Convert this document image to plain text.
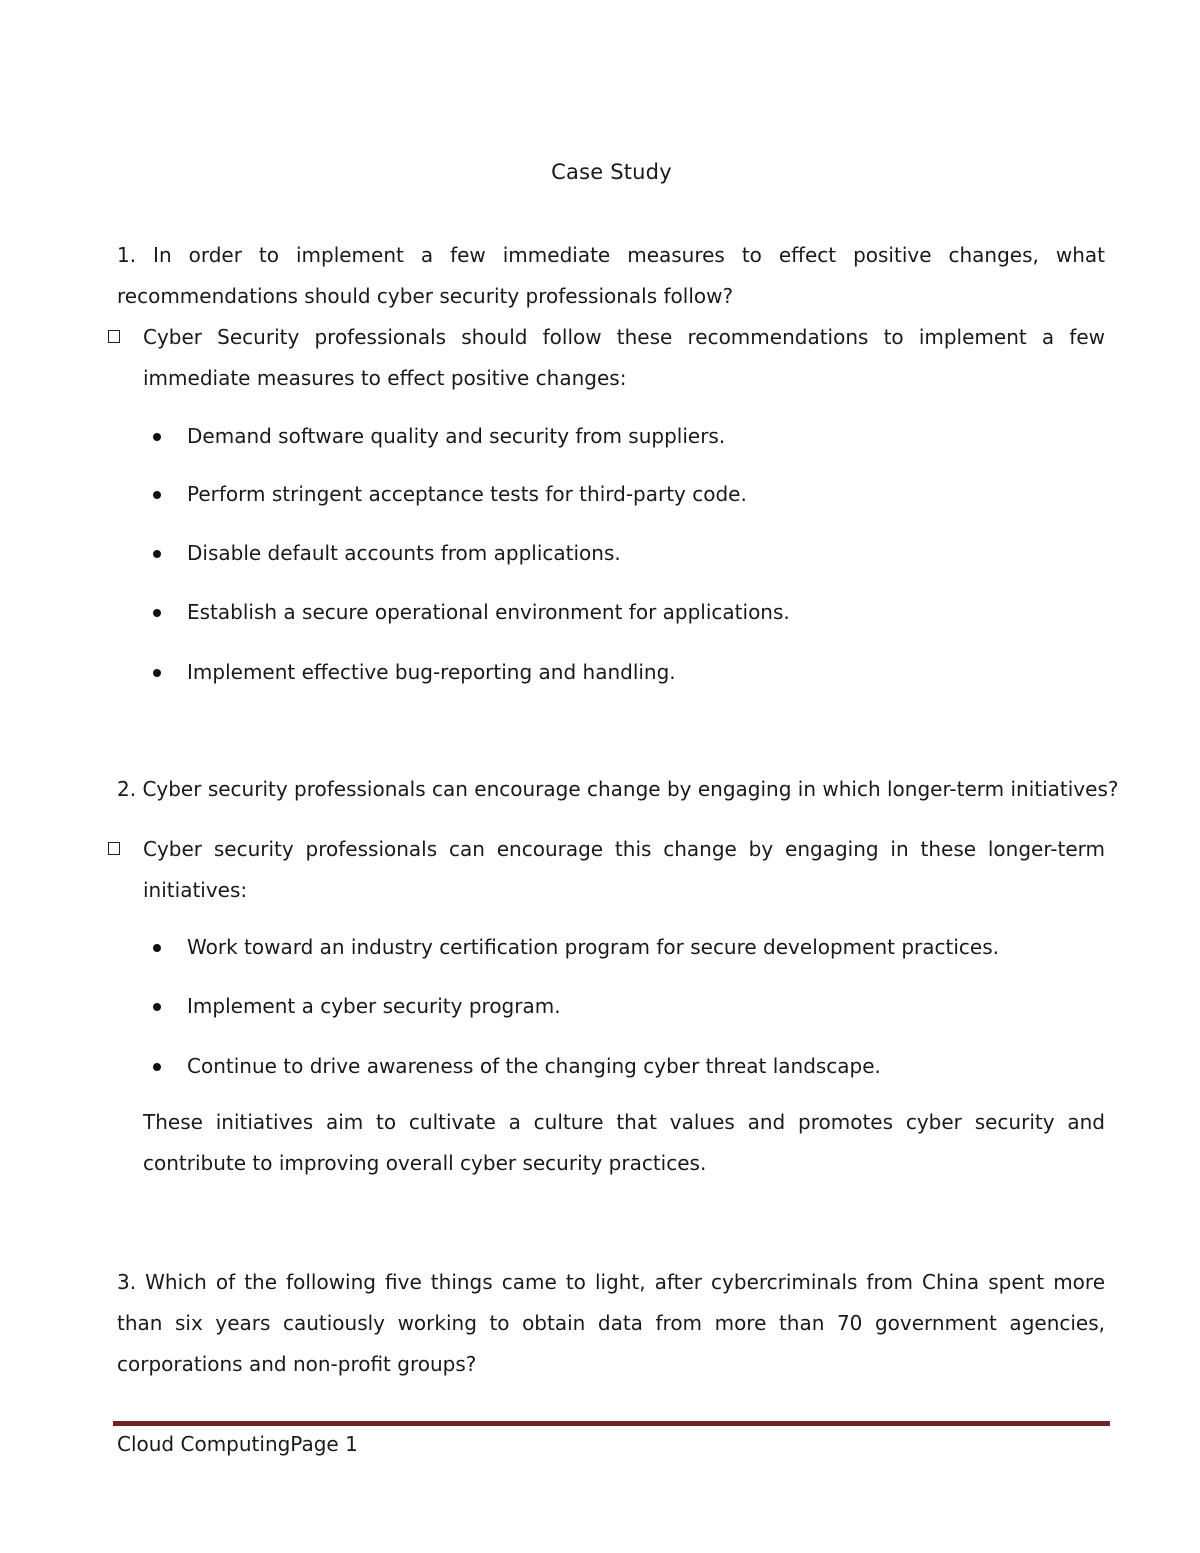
Case Study
1. In order to implement a few immediate measures to effect positive changes, what recommendations should cyber security professionals follow?
Cyber Security professionals should follow these recommendations to implement a few immediate measures to effect positive changes:
Demand software quality and security from suppliers.
Perform stringent acceptance tests for third-party code.
Disable default accounts from applications.
Establish a secure operational environment for applications.
Implement effective bug-reporting and handling.
2. Cyber security professionals can encourage change by engaging in which longer-term initiatives?
Cyber security professionals can encourage this change by engaging in these longer-term initiatives:
Work toward an industry certification program for secure development practices.
Implement a cyber security program.
Continue to drive awareness of the changing cyber threat landscape.
These initiatives aim to cultivate a culture that values and promotes cyber security and contribute to improving overall cyber security practices.
3. Which of the following five things came to light, after cybercriminals from China spent more than six years cautiously working to obtain data from more than 70 government agencies, corporations and non-profit groups?
Cloud ComputingPage 1
